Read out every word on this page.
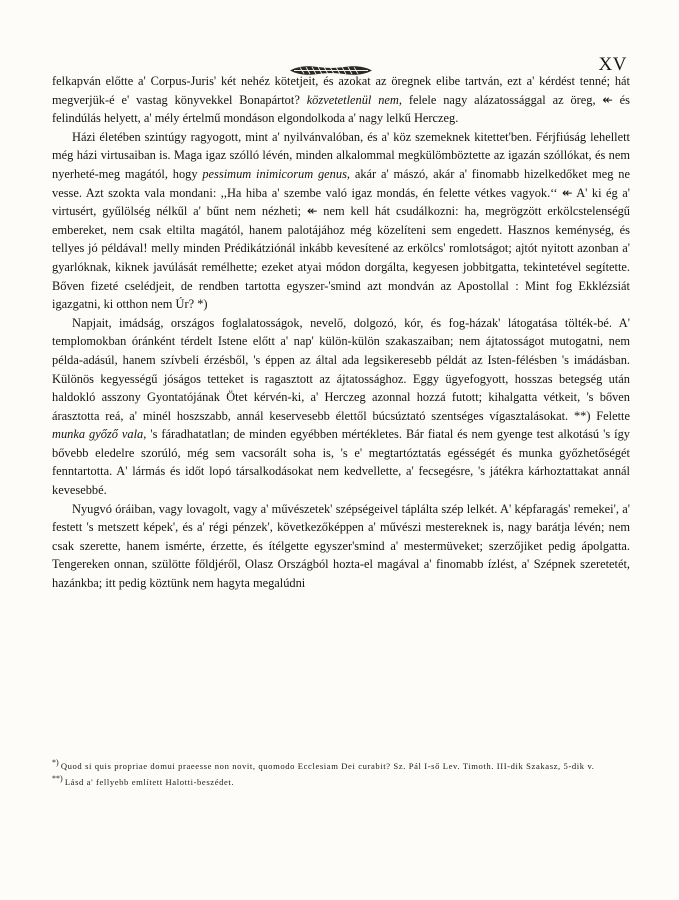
XV

felkapván előtte a' Corpus-Juris' két nehéz kötetjeit, és azokat az öregnek elibe tartván, ezt a' kérdést tenné; hát megverjük-é e' vastag könyvekkel Bonapártot? közvetetlenül nem, felele nagy alázatossággal az öreg, ↞ és felindúlás helyett, a' mély értelmű mondáson elgondolkoda a' nagy lelkű Herczeg.

Házi életében szintúgy ragyogott, mint a' nyilvánvalóban, és a' köz szemeknek kitettet'ben. Férjfiúság lehellett még házi virtusaiban is. Maga igaz szólló lévén, minden alkalommal megkülömböztette az igazán szóllókat, és nem nyerheté-meg magától, hogy pessimum inimicorum genus, akár a' mászó, akár a' finomabb hizelkedőket meg ne vesse. Azt szokta vala mondani: ,,Ha hiba a' szembe való igaz mondás, én felette vétkes vagyok.‘‘ ↞ A' ki ég a' virtusért, gyűlölség nélkűl a' bűnt nem nézheti; ↞ nem kell hát csudálkozni: ha, megrögzött erkölcstelenségű embereket, nem csak eltilta magától, hanem palotájához még közelíteni sem engedett. Hasznos keménység, és tellyes jó példával! melly minden Prédikátziónál inkább kevesítené az erkölcs' romlotságot; ajtót nyitott azonban a' gyarlóknak, kiknek javúlását remélhette; ezeket atyai módon dorgálta, kegyesen jobbitgatta, tekintetével segítette. Bőven fizeté cselédjeit, de rendben tartotta egyszer-'smind azt mondván az Apostollal : Mint fog Ekklézsiát igazgatni, ki otthon nem Úr? *)

Napjait, imádság, országos foglalatosságok, nevelő, dolgozó, kór, és fog-házak' látogatása tölték-bé. A' templomokban óránként térdelt Istene előtt a' nap' külön-külön szakaszaiban; nem ájtatosságot mutogatni, nem példa-adásúl, hanem szívbeli érzésből, 's éppen az által ada legsikeresebb példát az Isten-félésben 's imádásban. Különös kegyességű jóságos tetteket is ragasztott az ájtatossághoz. Eggy ügyefogyott, hosszas betegség után haldokló asszony Gyontatójának Ötet kérvén-ki, a' Herczeg azonnal hozzá futott; kihalgatta vétkeit, 's bőven árasztotta reá, a' minél hoszszabb, annál keservesebb élettől búcsúztató szentséges vígasztalásokat. **) Felette munka győző vala, 's fáradhatatlan; de minden egyébben mértékletes. Bár fiatal és nem gyenge test alkotású 's így bővebb eledelre szorúló, még sem vacsorált soha is, 's e' megtartóztatás egésségét és munka győzhetőségét fenntartotta. A' lármás és időt lopó társalkodásokat nem kedvellette, a' fecsegésre, 's játékra kárhoztattakat annál kevesebbé.

Nyugvó óráiban, vagy lovagolt, vagy a' művészetek' szépségeivel táplálta szép lelkét. A' képfaragás' remekei', a' festett 's metszett képek', és a' régi pénzek', következőképpen a' művészi mestereknek is, nagy barátja lévén; nem csak szerette, hanem ismérte, érzette, és ítélgette egyszer'smind a' mestermüveket; szerzőjiket pedig ápolgatta. Tengereken onnan, szülötte főldjéről, Olasz Országból hozta-el magával a' finomabb ízlést, a' Szépnek szeretetét, hazánkba; itt pedig köztünk nem hagyta megalúdni

*) Quod si quis propriae domui praeesse non novit, quomodo Ecclesiam Dei curabit? Sz. Pál I-ső Lev. Timoth. III-dik Szakasz, 5-dik v.

**) Lásd a' fellyebb említett Halotti-beszédet.
